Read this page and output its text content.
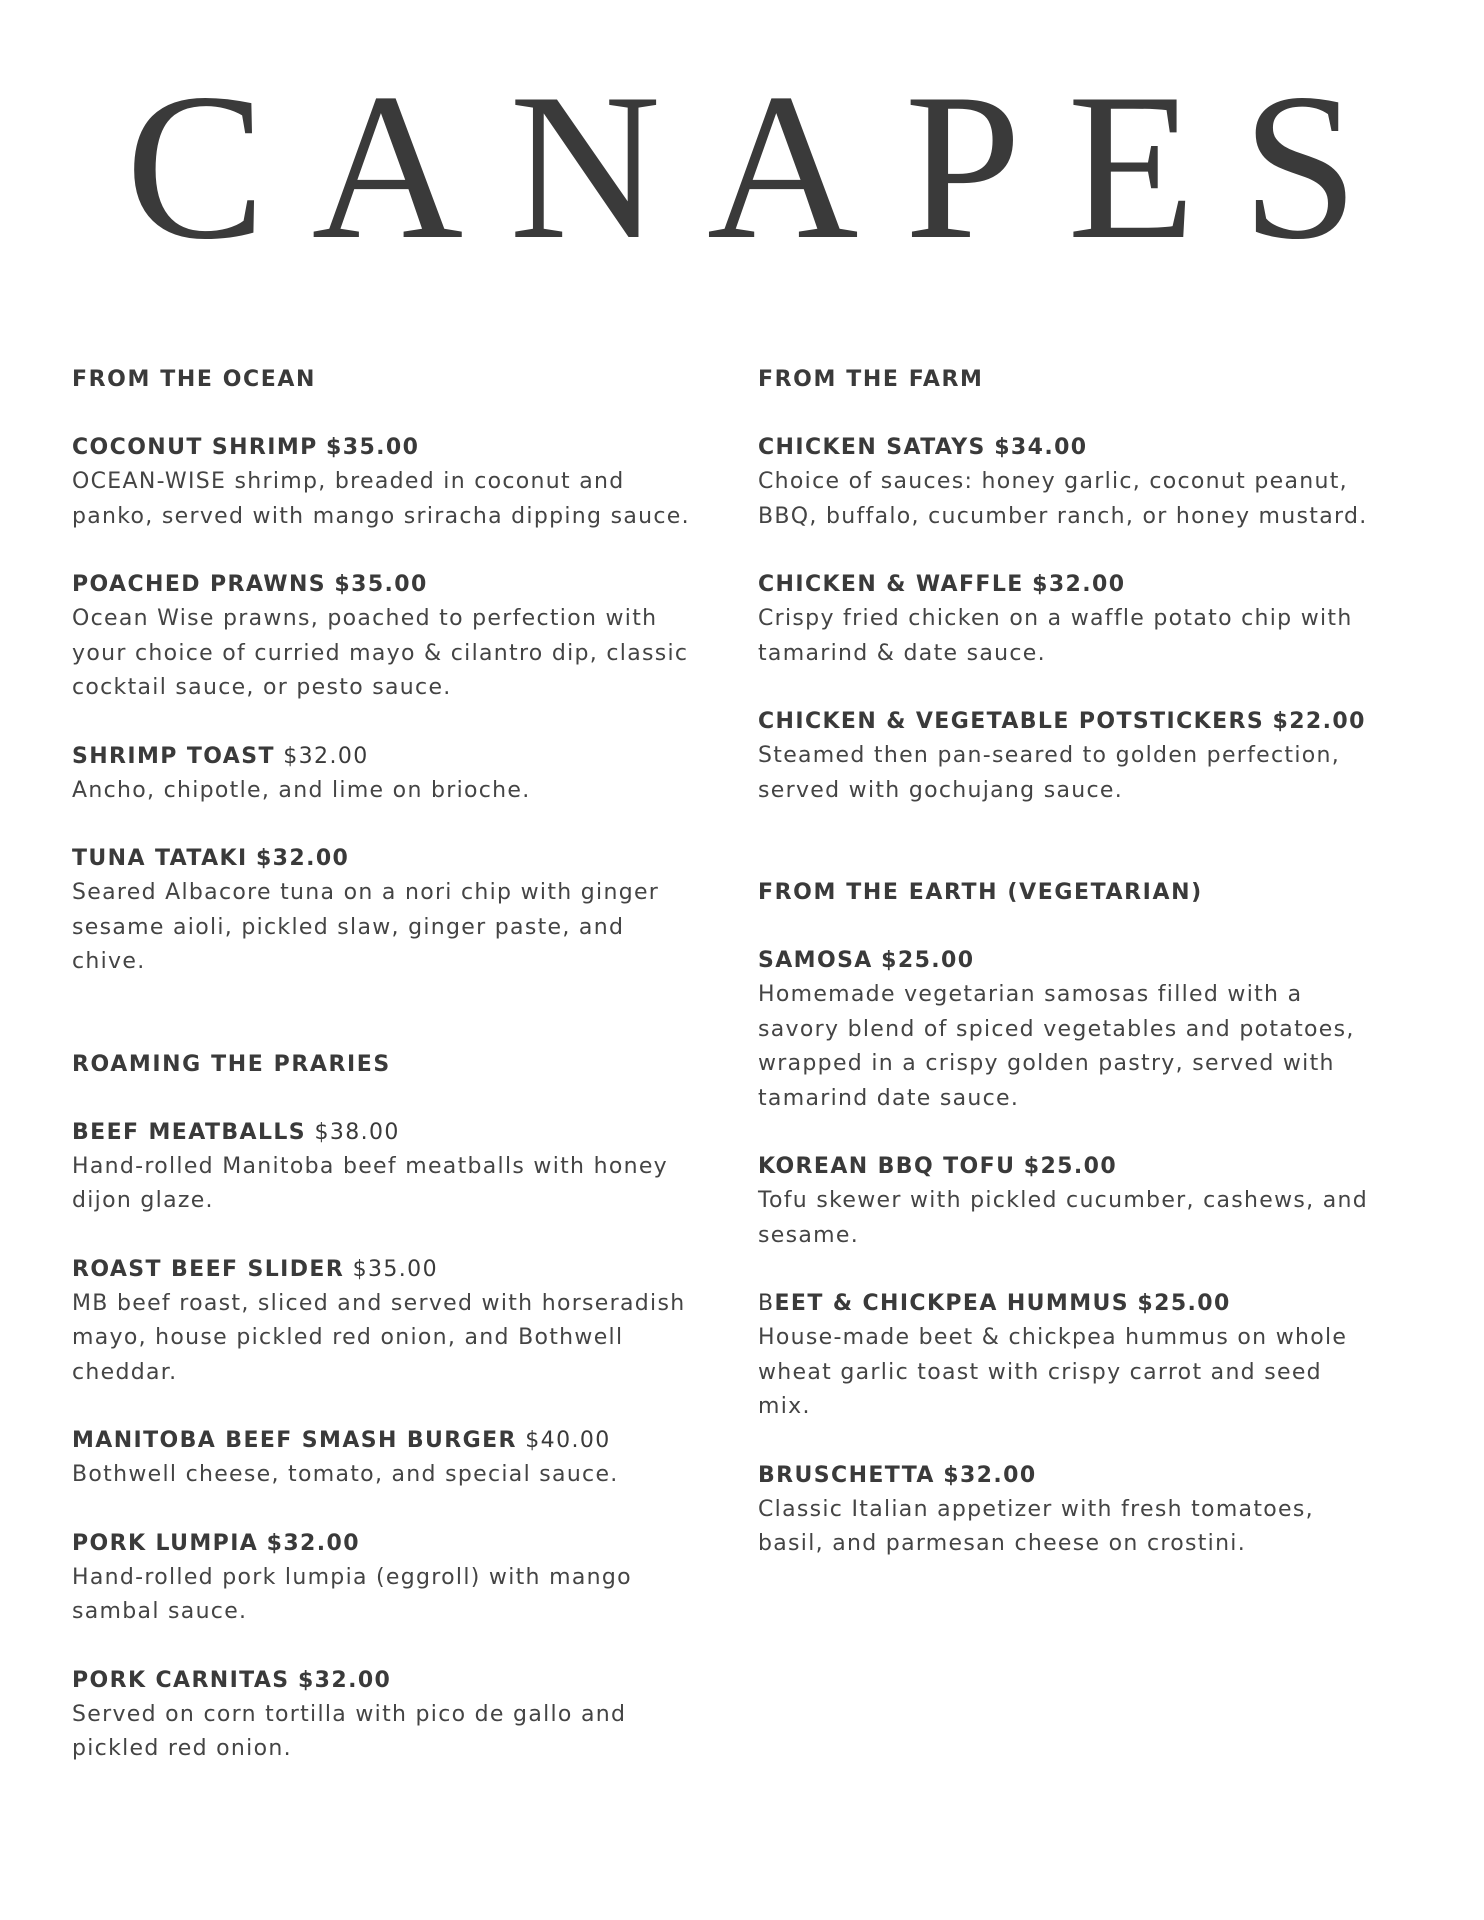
CANAPES
FROM THE OCEAN
COCONUT SHRIMP $35.00
OCEAN-WISE shrimp, breaded in coconut and
panko, served with mango sriracha dipping sauce.
POACHED PRAWNS $35.00
Ocean Wise prawns, poached to perfection with
your choice of curried mayo & cilantro dip, classic
cocktail sauce, or pesto sauce.
SHRIMP TOAST $32.00
Ancho, chipotle, and lime on brioche.
TUNA TATAKI $32.00
Seared Albacore tuna on a nori chip with ginger
sesame aioli, pickled slaw, ginger paste, and
chive.
ROAMING THE PRARIES
BEEF MEATBALLS $38.00
Hand-rolled Manitoba beef meatballs with honey
dijon glaze.
ROAST BEEF SLIDER $35.00
MB beef roast, sliced and served with horseradish
mayo, house pickled red onion, and Bothwell
cheddar.
MANITOBA BEEF SMASH BURGER $40.00
Bothwell cheese, tomato, and special sauce.
PORK LUMPIA $32.00
Hand-rolled pork lumpia (eggroll) with mango
sambal sauce.
PORK CARNITAS $32.00
Served on corn tortilla with pico de gallo and
pickled red onion.
FROM THE FARM
CHICKEN SATAYS $34.00
Choice of sauces: honey garlic, coconut peanut,
BBQ, buffalo, cucumber ranch, or honey mustard.
CHICKEN & WAFFLE $32.00
Crispy fried chicken on a waffle potato chip with
tamarind & date sauce.
CHICKEN & VEGETABLE POTSTICKERS $22.00
Steamed then pan-seared to golden perfection,
served with gochujang sauce.
FROM THE EARTH (VEGETARIAN)
SAMOSA $25.00
Homemade vegetarian samosas filled with a
savory blend of spiced vegetables and potatoes,
wrapped in a crispy golden pastry, served with
tamarind date sauce.
KOREAN BBQ TOFU $25.00
Tofu skewer with pickled cucumber, cashews, and
sesame.
BEET & CHICKPEA HUMMUS $25.00
House-made beet & chickpea hummus on whole
wheat garlic toast with crispy carrot and seed
mix.
BRUSCHETTA $32.00
Classic Italian appetizer with fresh tomatoes,
basil, and parmesan cheese on crostini.
